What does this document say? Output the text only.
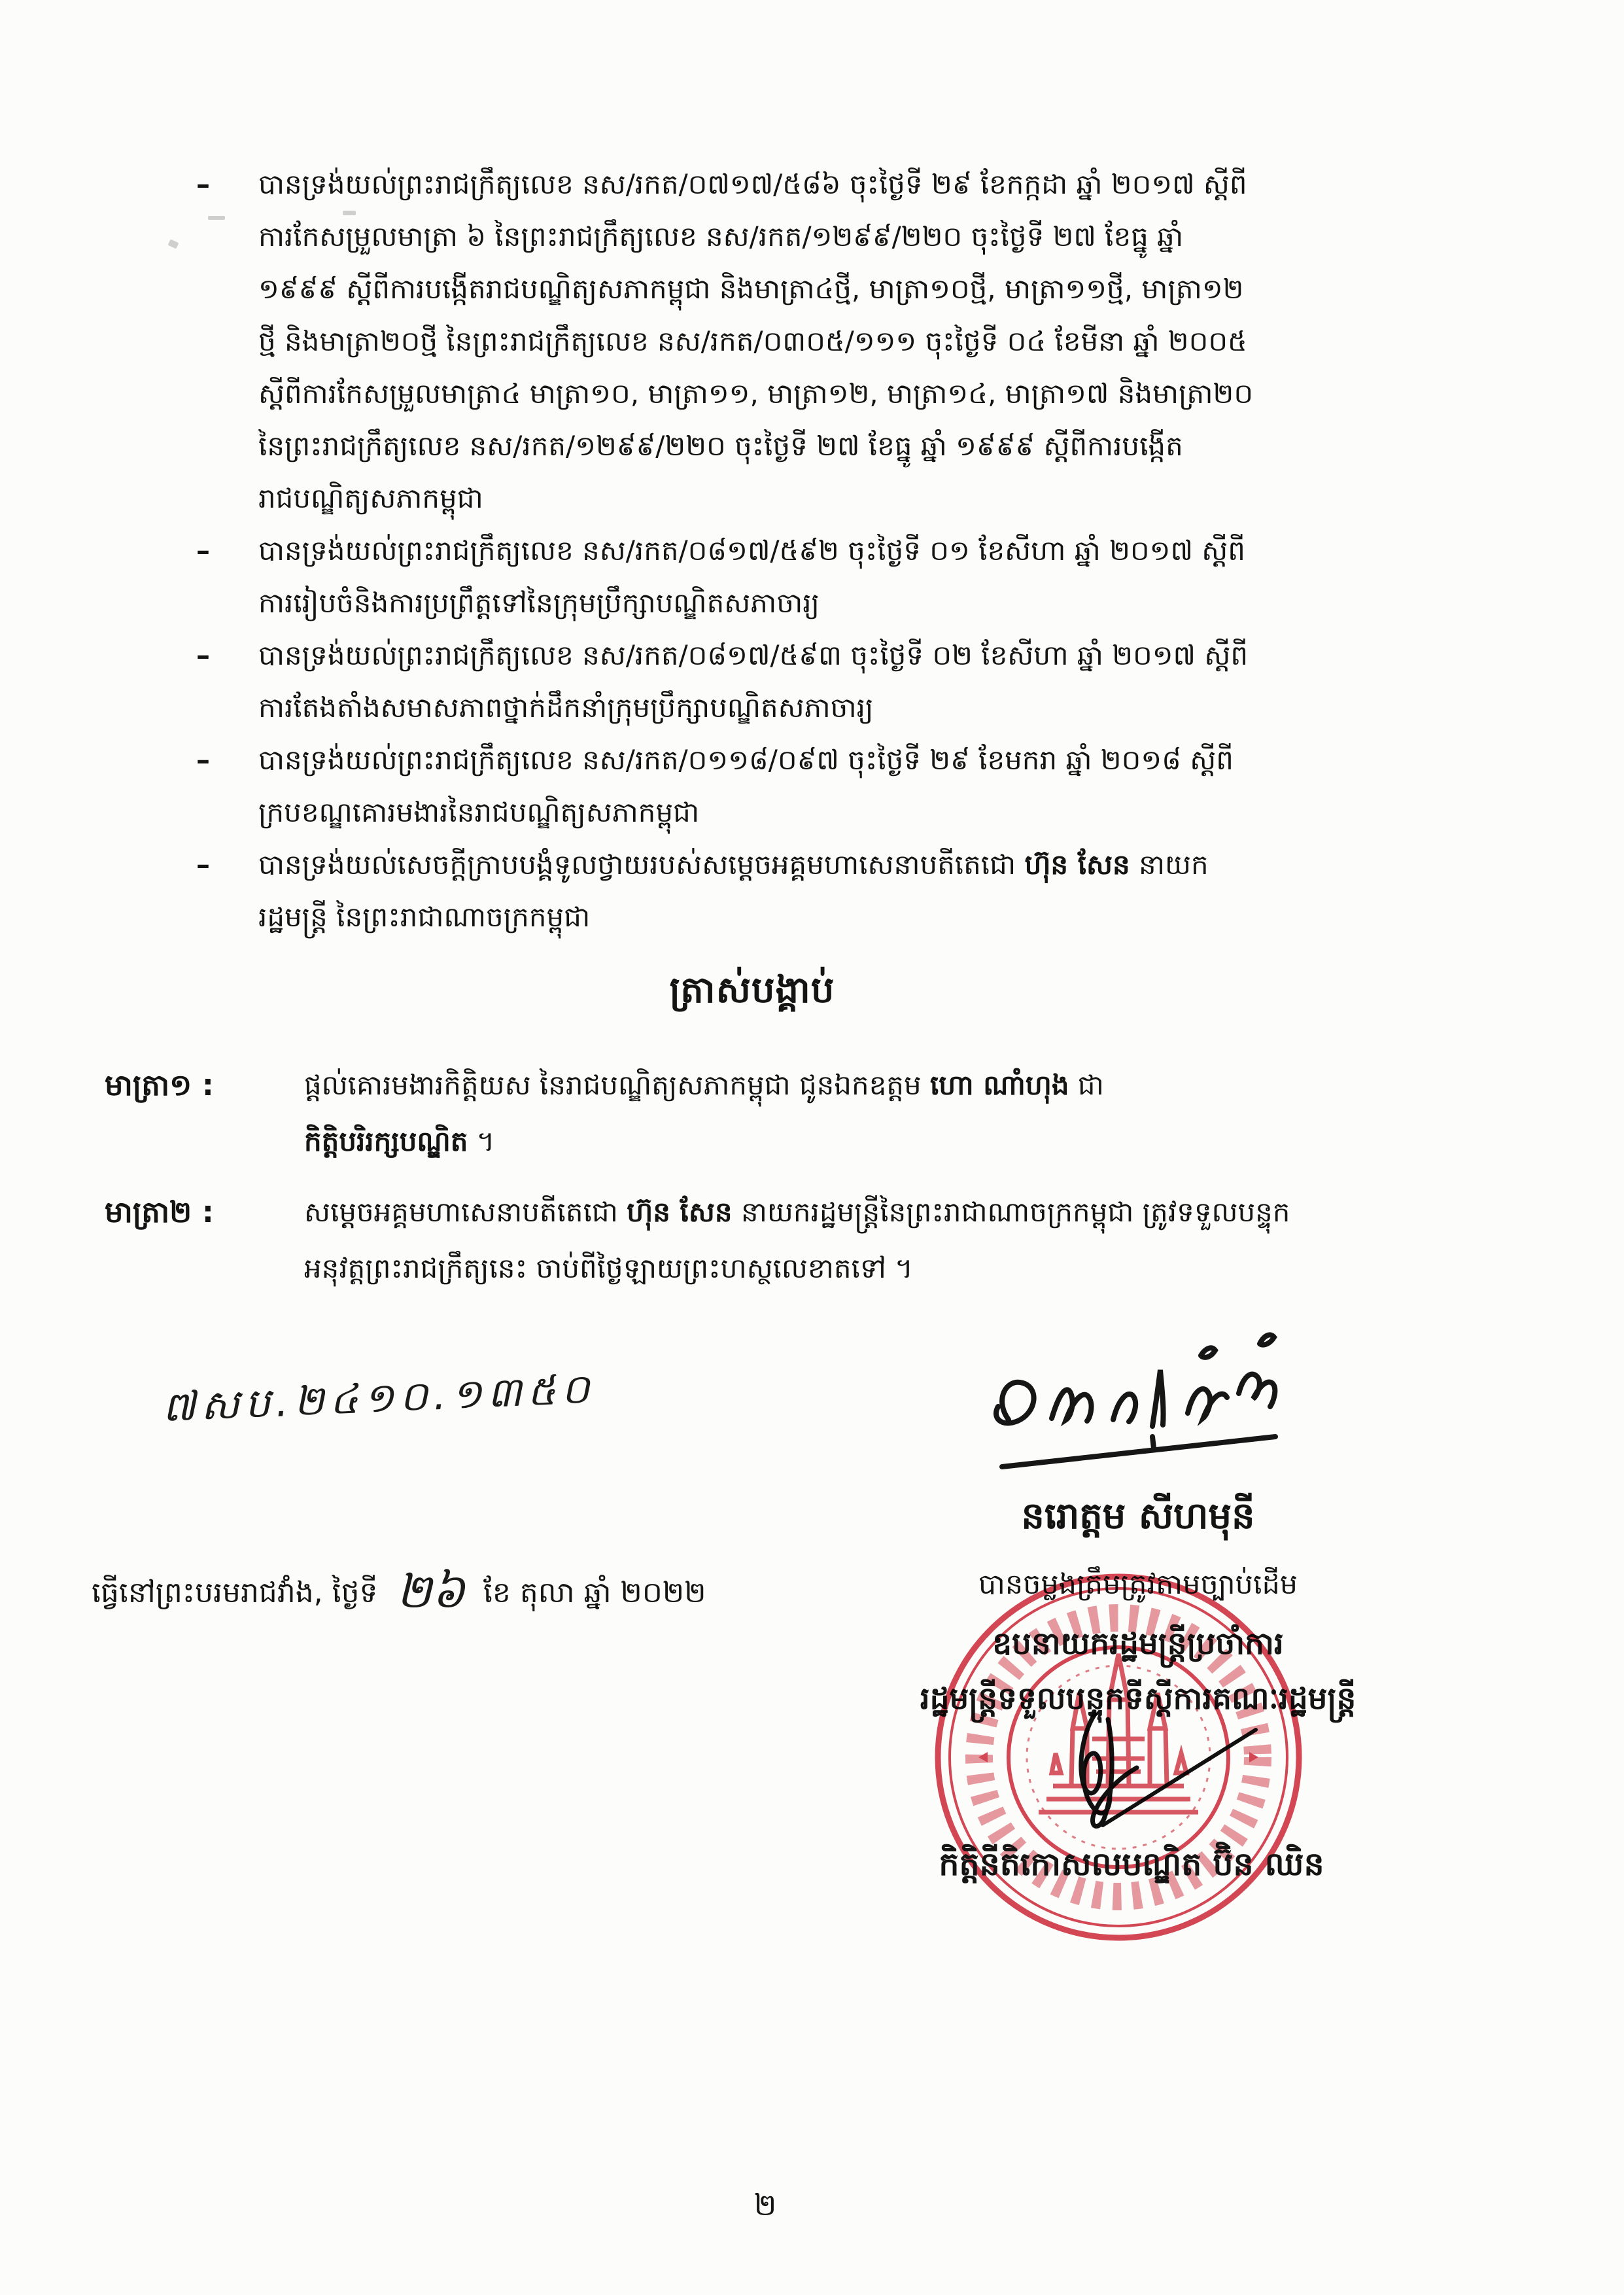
– បានទ្រង់យល់ព្រះរាជក្រឹត្យលេខ នស/រកត/០៧១៧/៥៨៦ ចុះថ្ងៃទី ២៩ ខែកក្កដា ឆ្នាំ ២០១៧ ស្តីពី
ការកែសម្រួលមាត្រា ៦ នៃព្រះរាជក្រឹត្យលេខ នស/រកត/១២៩៩/២២០ ចុះថ្ងៃទី ២៧ ខែធ្នូ ឆ្នាំ
១៩៩៩ ស្តីពីការបង្កើតរាជបណ្ឌិត្យសភាកម្ពុជា និងមាត្រា៤ថ្មី, មាត្រា១០ថ្មី, មាត្រា១១ថ្មី, មាត្រា១២
ថ្មី និងមាត្រា២០ថ្មី នៃព្រះរាជក្រឹត្យលេខ នស/រកត/០៣០៥/១១១ ចុះថ្ងៃទី ០៤ ខែមីនា ឆ្នាំ ២០០៥
ស្តីពីការកែសម្រួលមាត្រា៤ មាត្រា១០, មាត្រា១១, មាត្រា១២, មាត្រា១៤, មាត្រា១៧ និងមាត្រា២០
នៃព្រះរាជក្រឹត្យលេខ នស/រកត/១២៩៩/២២០ ចុះថ្ងៃទី ២៧ ខែធ្នូ ឆ្នាំ ១៩៩៩ ស្តីពីការបង្កើត
រាជបណ្ឌិត្យសភាកម្ពុជា
– បានទ្រង់យល់ព្រះរាជក្រឹត្យលេខ នស/រកត/០៨១៧/៥៩២ ចុះថ្ងៃទី ០១ ខែសីហា ឆ្នាំ ២០១៧ ស្តីពី
ការរៀបចំនិងការប្រព្រឹត្តទៅនៃក្រុមប្រឹក្សាបណ្ឌិតសភាចារ្យ
– បានទ្រង់យល់ព្រះរាជក្រឹត្យលេខ នស/រកត/០៨១៧/៥៩៣ ចុះថ្ងៃទី ០២ ខែសីហា ឆ្នាំ ២០១៧ ស្តីពី
ការតែងតាំងសមាសភាពថ្នាក់ដឹកនាំក្រុមប្រឹក្សាបណ្ឌិតសភាចារ្យ
– បានទ្រង់យល់ព្រះរាជក្រឹត្យលេខ នស/រកត/០១១៨/០៩៧ ចុះថ្ងៃទី ២៩ ខែមករា ឆ្នាំ ២០១៨ ស្តីពី
ក្របខណ្ឌគោរមងារនៃរាជបណ្ឌិត្យសភាកម្ពុជា
– បានទ្រង់យល់សេចក្តីក្រាបបង្គំទូលថ្វាយរបស់សម្តេចអគ្គមហាសេនាបតីតេជោ ហ៊ុន សែន នាយក
រដ្ឋមន្ត្រី នៃព្រះរាជាណាចក្រកម្ពុជា
ត្រាស់បង្គាប់
មាត្រា១ :	ផ្តល់គោរមងារកិត្តិយស នៃរាជបណ្ឌិត្យសភាកម្ពុជា ជូនឯកឧត្តម ហោ ណាំហុង ជា
កិត្តិបរិរក្សបណ្ឌិត ។
មាត្រា២ :	សម្តេចអគ្គមហាសេនាបតីតេជោ ហ៊ុន សែន នាយករដ្ឋមន្ត្រីនៃព្រះរាជាណាចក្រកម្ពុជា ត្រូវទទួលបន្ទុក
អនុវត្តព្រះរាជក្រឹត្យនេះ ចាប់ពីថ្ងៃឡាយព្រះហស្ថលេខាតទៅ ។
៧សប.២៤១០.១៣៥០
ធ្វើនៅព្រះបរមរាជវាំង, ថ្ងៃទី ២៦ ខែ តុលា ឆ្នាំ ២០២២
នរោត្តម សីហមុនី
បានចម្លងត្រឹមត្រូវតាមច្បាប់ដើម
ឧបនាយករដ្ឋមន្ត្រីប្រចាំការ
រដ្ឋមន្ត្រីទទួលបន្ទុកទីស្តីការគណៈរដ្ឋមន្ត្រី
កិត្តិនីតិកោសលបណ្ឌិត ប៊ិន ឈិន
២
